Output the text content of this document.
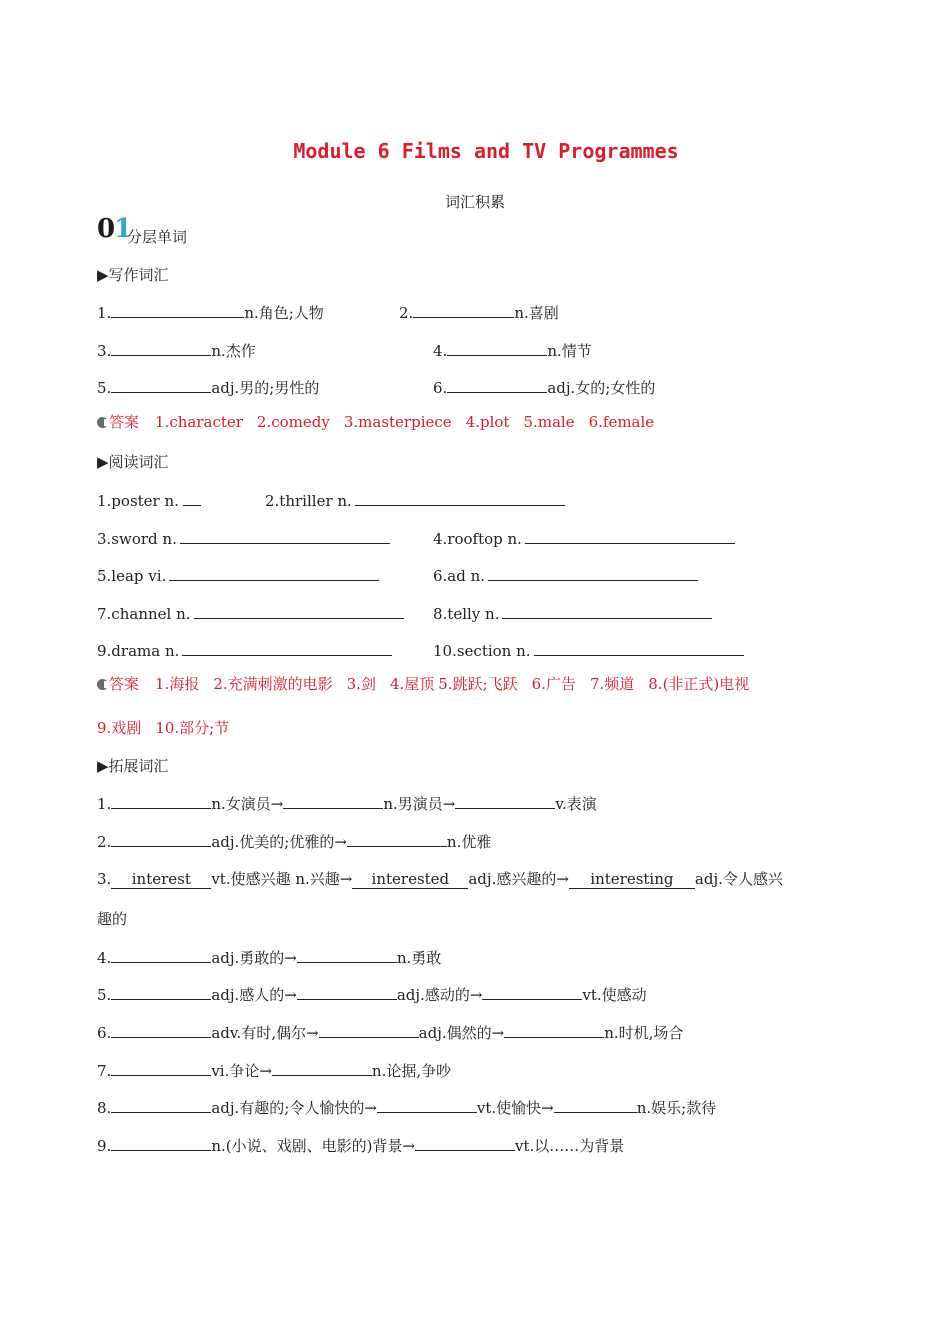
Module 6 Films and TV Programmes
词汇积累
01
分层单词
▶写作词汇
1.	n.角色;人物	2.	n.喜剧
3.	n.杰作	4.	n.情节
5.	adj.男的;男性的	6.	adj.女的;女性的
答案 1.character 2.comedy 3.masterpiece 4.plot 5.male 6.female
▶阅读词汇
1.poster n.	2.thriller n.
3.sword n.	4.rooftop n.
5.leap vi.	6.ad n.
7.channel n.	8.telly n.
9.drama n.	10.section n.
答案 1.海报 2.充满刺激的电影 3.剑 4.屋顶 5.跳跃;飞跃 6.广告 7.频道 8.(非正式)电视
9.戏剧 10.部分;节
▶拓展词汇
1.	n.女演员→	n.男演员→	v.表演
2.	adj.优美的;优雅的→	n.优雅
3. interest vt.使感兴趣 n.兴趣→ interested adj.感兴趣的→ interesting adj.令人感兴
趣的
4.	adj.勇敢的→	n.勇敢
5.	adj.感人的→	adj.感动的→	vt.使感动
6.	adv.有时,偶尔→	adj.偶然的→	n.时机,场合
7.	vi.争论→	n.论据,争吵
8.	adj.有趣的;令人愉快的→	vt.使愉快→	n.娱乐;款待
9.	n.(小说、戏剧、电影的)背景→	vt.以……为背景
